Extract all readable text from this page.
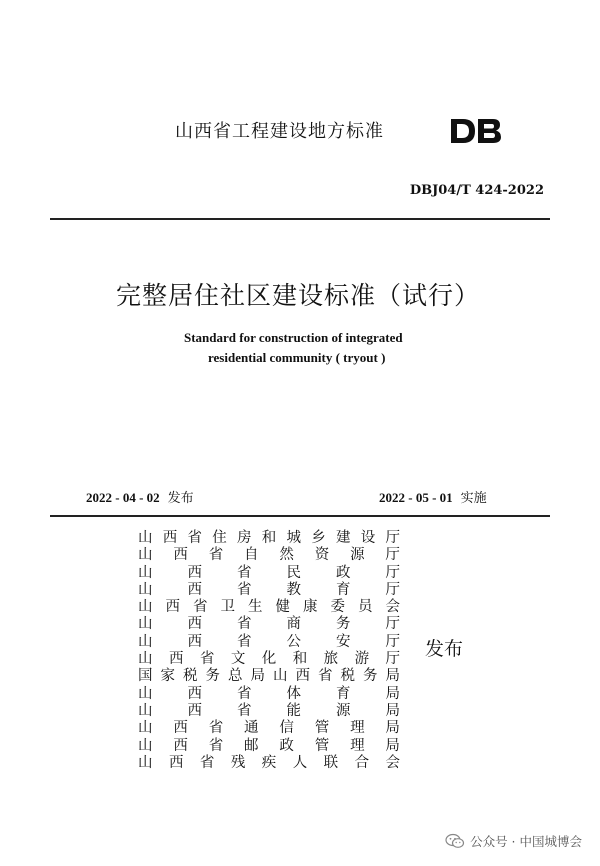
山西省工程建设地方标准
DB
DBJ04/T 424-2022
完整居住社区建设标准（试行）
Standard for construction of integrated
residential community ( tryout )
2022 - 04 - 02 发布	2022 - 05 - 01 实施
山 西 省 住 房 和 城 乡 建 设 厅
山 西 省 自 然 资 源 厅
山 西 省 民 政 厅
山 西 省 教 育 厅
山 西 省 卫 生 健 康 委 员 会
山 西 省 商 务 厅
山 西 省 公 安 厅
山 西 省 文 化 和 旅 游 厅
国 家 税 务 总 局 山 西 省 税 务 局
山 西 省 体 育 局
山 西 省 能 源 局
山 西 省 通 信 管 理 局
山 西 省 邮 政 管 理 局
山 西 省 残 疾 人 联 合 会
发布
公众号 · 中国城博会
